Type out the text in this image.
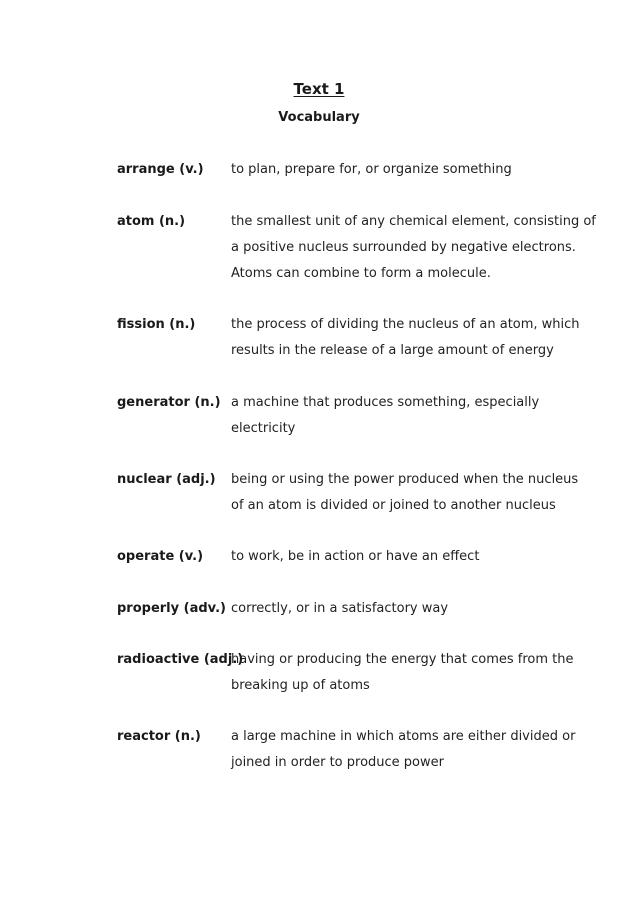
Text 1
Vocabulary
arrange (v.) to plan, prepare for, or organize something
atom (n.)	the smallest unit of any chemical element, consisting of
a positive nucleus surrounded by negative electrons.
Atoms can combine to form a molecule.
fission (n.)	the process of dividing the nucleus of an atom, which
results in the release of a large amount of energy
generator (n.) a machine that produces something, especially
electricity
nuclear (adj.) being or using the power produced when the nucleus
of an atom is divided or joined to another nucleus
operate (v.) to work, be in action or have an effect
properly (adv.) correctly, or in a satisfactory way
radioactive (adj.)
having or producing the energy that comes from the
breaking up of atoms
reactor (n.) a large machine in which atoms are either divided or
joined in order to produce power
